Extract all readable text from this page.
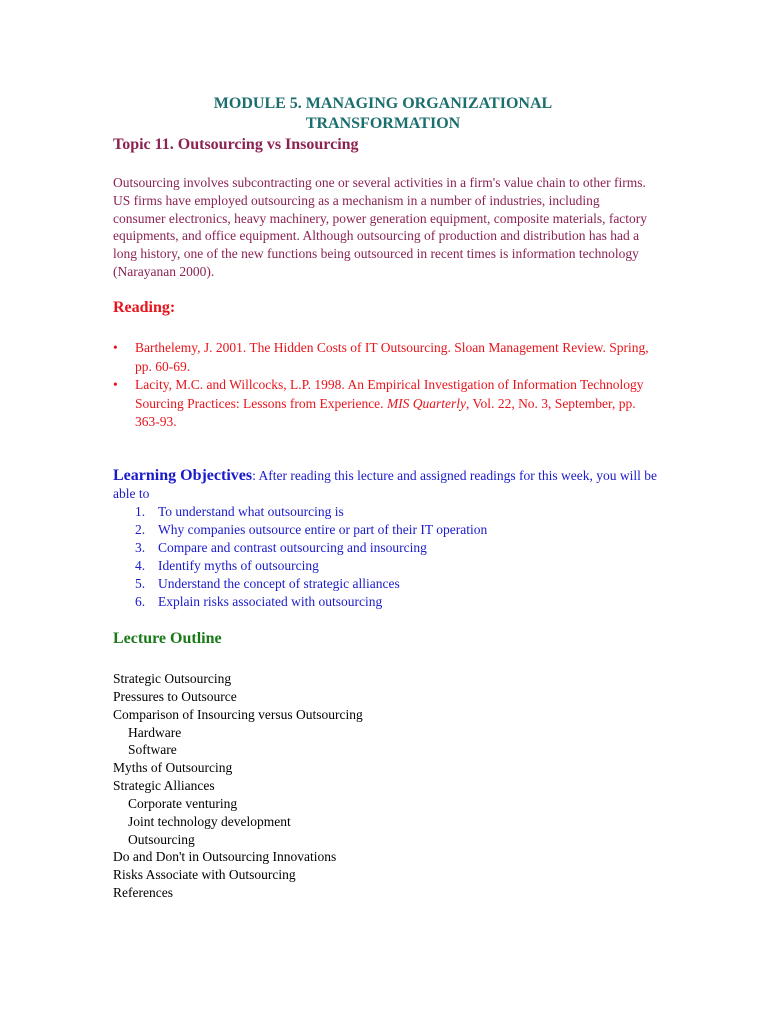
MODULE 5. MANAGING ORGANIZATIONAL
TRANSFORMATION
Topic 11. Outsourcing vs Insourcing
Outsourcing involves subcontracting one or several activities in a firm's value chain to other firms. US firms have employed outsourcing as a mechanism in a number of industries, including consumer electronics, heavy machinery, power generation equipment, composite materials, factory equipments, and office equipment. Although outsourcing of production and distribution has had a long history, one of the new functions being outsourced in recent times is information technology (Narayanan 2000).
Reading:
• Barthelemy, J. 2001. The Hidden Costs of IT Outsourcing. Sloan Management Review. Spring, pp. 60-69.
• Lacity, M.C. and Willcocks, L.P. 1998. An Empirical Investigation of Information Technology Sourcing Practices: Lessons from Experience. MIS Quarterly, Vol. 22, No. 3, September, pp. 363-93.
Learning Objectives: After reading this lecture and assigned readings for this week, you will be able to
1. To understand what outsourcing is
2. Why companies outsource entire or part of their IT operation
3. Compare and contrast outsourcing and insourcing
4. Identify myths of outsourcing
5. Understand the concept of strategic alliances
6. Explain risks associated with outsourcing
Lecture Outline
Strategic Outsourcing
Pressures to Outsource
Comparison of Insourcing versus Outsourcing
Hardware
Software
Myths of Outsourcing
Strategic Alliances
Corporate venturing
Joint technology development
Outsourcing
Do and Don't in Outsourcing Innovations
Risks Associate with Outsourcing
References
